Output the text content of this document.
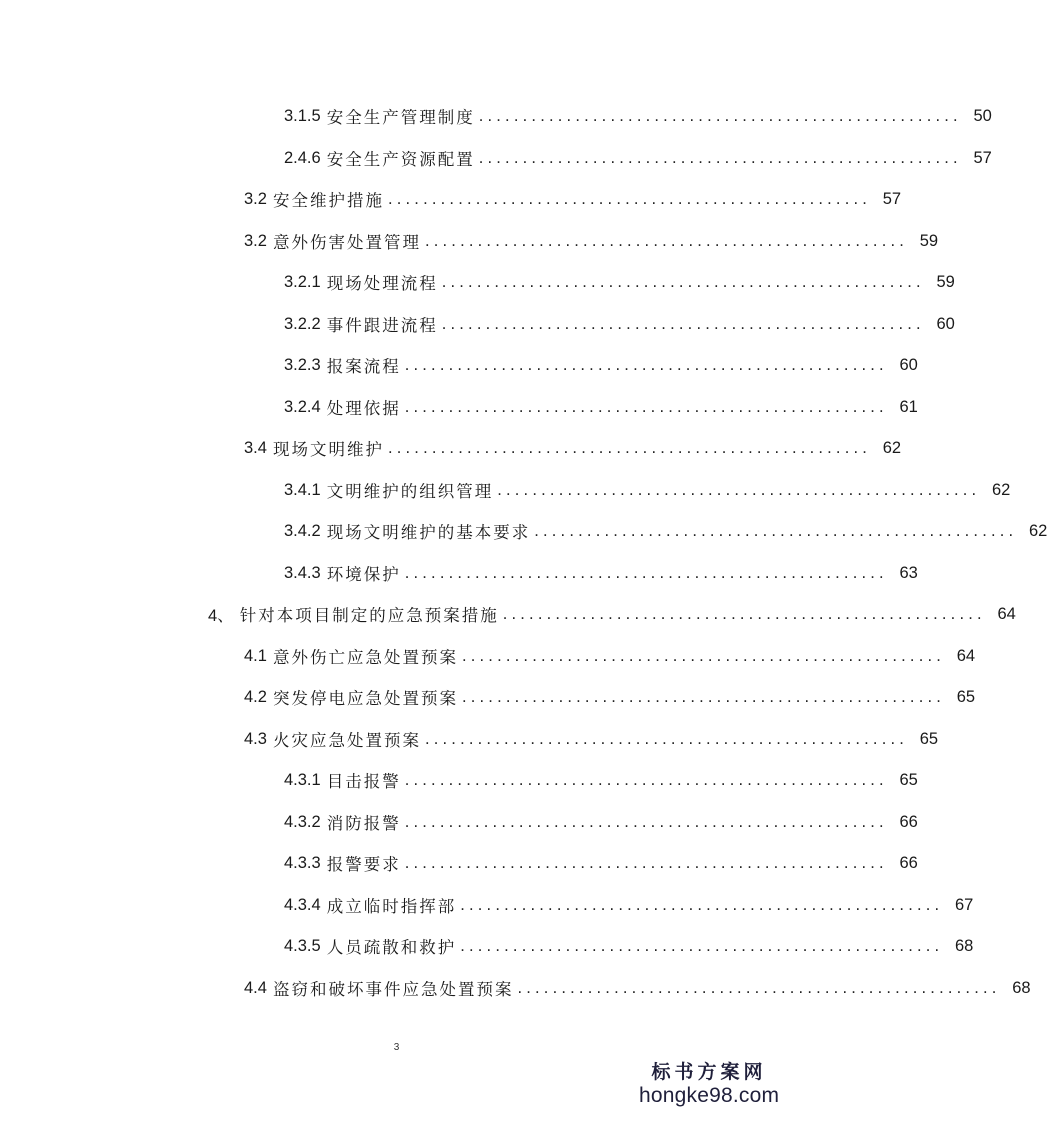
3.1.5 安全生产管理制度 ....................................................... 50
2.4.6 安全生产资源配置 ....................................................... 57
3.2 安全维护措施 ....................................................... 57
3.2 意外伤害处置管理 ....................................................... 59
3.2.1 现场处理流程 ....................................................... 59
3.2.2 事件跟进流程 ....................................................... 60
3.2.3 报案流程 ....................................................... 60
3.2.4 处理依据 ....................................................... 61
3.4 现场文明维护 ....................................................... 62
3.4.1 文明维护的组织管理 ....................................................... 62
3.4.2 现场文明维护的基本要求 ....................................................... 62
3.4.3 环境保护 ....................................................... 63
4、 针对本项目制定的应急预案措施 ....................................................... 64
4.1 意外伤亡应急处置预案 ....................................................... 64
4.2 突发停电应急处置预案 ....................................................... 65
4.3 火灾应急处置预案 ....................................................... 65
4.3.1 目击报警 ....................................................... 65
4.3.2 消防报警 ....................................................... 66
4.3.3 报警要求 ....................................................... 66
4.3.4 成立临时指挥部 ....................................................... 67
4.3.5 人员疏散和救护 ....................................................... 68
4.4 盗窃和破坏事件应急处置预案 ....................................................... 68
3
标书方案网
hongke98.com
